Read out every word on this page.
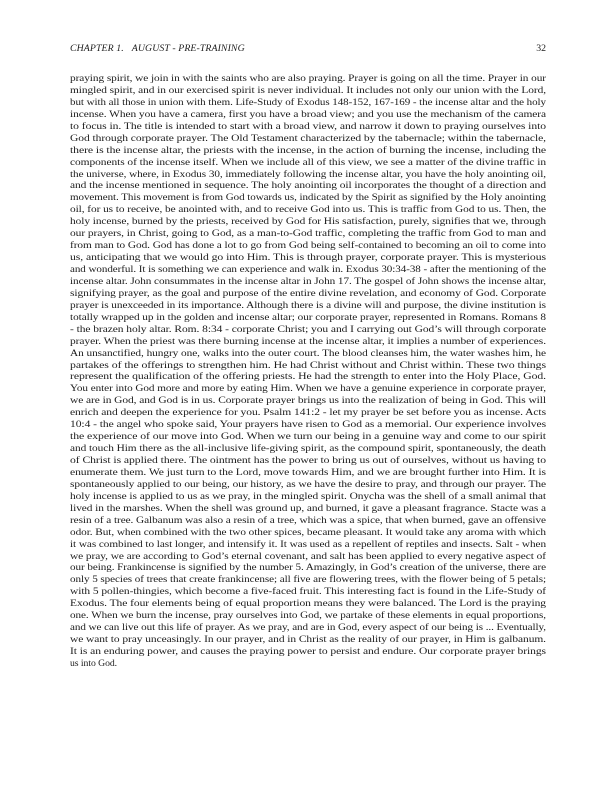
CHAPTER 1. AUGUST - PRE-TRAINING	32
praying spirit, we join in with the saints who are also praying. Prayer is going on all the time. Prayer in our
mingled spirit, and in our exercised spirit is never individual. It includes not only our union with the Lord,
but with all those in union with them. Life-Study of Exodus 148-152, 167-169 - the incense altar and the holy
incense. When you have a camera, first you have a broad view; and you use the mechanism of the camera
to focus in. The title is intended to start with a broad view, and narrow it down to praying ourselves into
God through corporate prayer. The Old Testament characterized by the tabernacle; within the tabernacle,
there is the incense altar, the priests with the incense, in the action of burning the incense, including the
components of the incense itself. When we include all of this view, we see a matter of the divine traffic in
the universe, where, in Exodus 30, immediately following the incense altar, you have the holy anointing oil,
and the incense mentioned in sequence. The holy anointing oil incorporates the thought of a direction and
movement. This movement is from God towards us, indicated by the Spirit as signified by the Holy anointing
oil, for us to receive, be anointed with, and to receive God into us. This is traffic from God to us. Then, the
holy incense, burned by the priests, received by God for His satisfaction, purely, signifies that we, through
our prayers, in Christ, going to God, as a man-to-God traffic, completing the traffic from God to man and
from man to God. God has done a lot to go from God being self-contained to becoming an oil to come into
us, anticipating that we would go into Him. This is through prayer, corporate prayer. This is mysterious
and wonderful. It is something we can experience and walk in. Exodus 30:34-38 - after the mentioning of the
incense altar. John consummates in the incense altar in John 17. The gospel of John shows the incense altar,
signifying prayer, as the goal and purpose of the entire divine revelation, and economy of God. Corporate
prayer is unexceeded in its importance. Although there is a divine will and purpose, the divine institution is
totally wrapped up in the golden and incense altar; our corporate prayer, represented in Romans. Romans 8
- the brazen holy altar. Rom. 8:34 - corporate Christ; you and I carrying out God’s will through corporate
prayer. When the priest was there burning incense at the incense altar, it implies a number of experiences.
An unsanctified, hungry one, walks into the outer court. The blood cleanses him, the water washes him, he
partakes of the offerings to strengthen him. He had Christ without and Christ within. These two things
represent the qualification of the offering priests. He had the strength to enter into the Holy Place, God.
You enter into God more and more by eating Him. When we have a genuine experience in corporate prayer,
we are in God, and God is in us. Corporate prayer brings us into the realization of being in God. This will
enrich and deepen the experience for you. Psalm 141:2 - let my prayer be set before you as incense. Acts
10:4 - the angel who spoke said, Your prayers have risen to God as a memorial. Our experience involves
the experience of our move into God. When we turn our being in a genuine way and come to our spirit
and touch Him there as the all-inclusive life-giving spirit, as the compound spirit, spontaneously, the death
of Christ is applied there. The ointment has the power to bring us out of ourselves, without us having to
enumerate them. We just turn to the Lord, move towards Him, and we are brought further into Him. It is
spontaneously applied to our being, our history, as we have the desire to pray, and through our prayer. The
holy incense is applied to us as we pray, in the mingled spirit. Onycha was the shell of a small animal that
lived in the marshes. When the shell was ground up, and burned, it gave a pleasant fragrance. Stacte was a
resin of a tree. Galbanum was also a resin of a tree, which was a spice, that when burned, gave an offensive
odor. But, when combined with the two other spices, became pleasant. It would take any aroma with which
it was combined to last longer, and intensify it. It was used as a repellent of reptiles and insects. Salt - when
we pray, we are according to God’s eternal covenant, and salt has been applied to every negative aspect of
our being. Frankincense is signified by the number 5. Amazingly, in God’s creation of the universe, there are
only 5 species of trees that create frankincense; all five are flowering trees, with the flower being of 5 petals;
with 5 pollen-thingies, which become a five-faced fruit. This interesting fact is found in the Life-Study of
Exodus. The four elements being of equal proportion means they were balanced. The Lord is the praying
one. When we burn the incense, pray ourselves into God, we partake of these elements in equal proportions,
and we can live out this life of prayer. As we pray, and are in God, every aspect of our being is ... Eventually,
we want to pray unceasingly. In our prayer, and in Christ as the reality of our prayer, in Him is galbanum.
It is an enduring power, and causes the praying power to persist and endure. Our corporate prayer brings
us into God.
